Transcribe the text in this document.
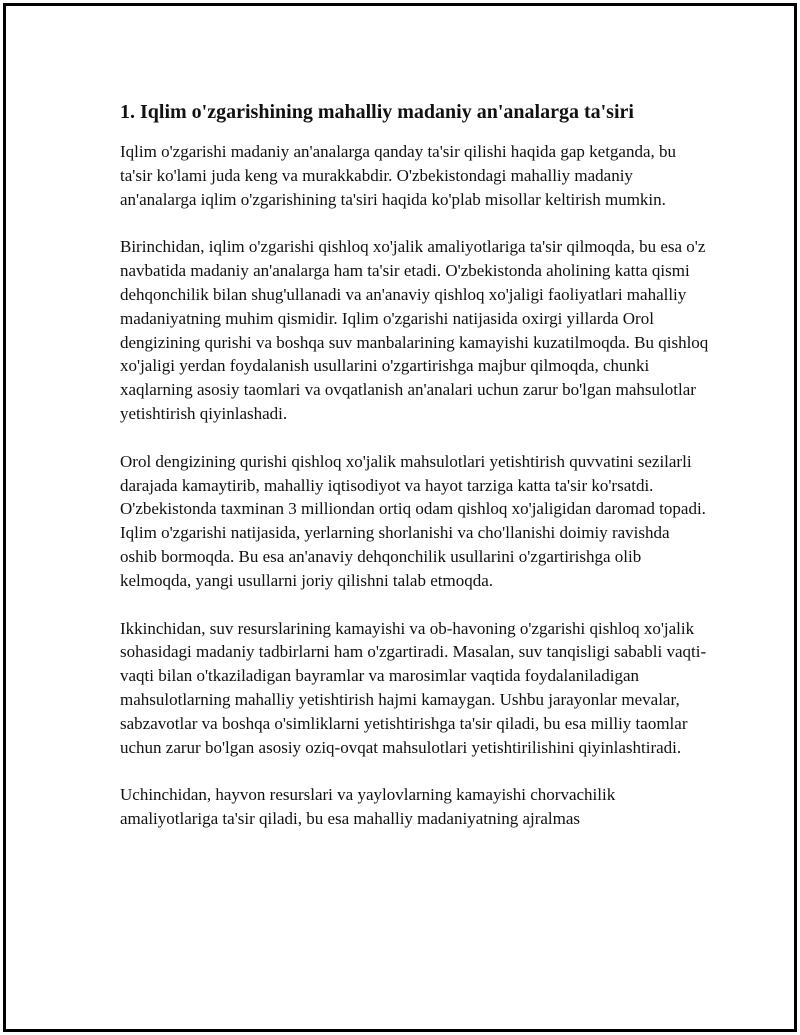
1. Iqlim o'zgarishining mahalliy madaniy an'analarga ta'siri

Iqlim o'zgarishi madaniy an'analarga qanday ta'sir qilishi haqida gap ketganda, bu ta'sir ko'lami juda keng va murakkabdir. O'zbekistondagi mahalliy madaniy an'analarga iqlim o'zgarishining ta'siri haqida ko'plab misollar keltirish mumkin.

Birinchidan, iqlim o'zgarishi qishloq xo'jalik amaliyotlariga ta'sir qilmoqda, bu esa o'z navbatida madaniy an'analarga ham ta'sir etadi. O'zbekistonda aholining katta qismi dehqonchilik bilan shug'ullanadi va an'anaviy qishloq xo'jaligi faoliyatlari mahalliy madaniyatning muhim qismidir. Iqlim o'zgarishi natijasida oxirgi yillarda Orol dengizining qurishi va boshqa suv manbalarining kamayishi kuzatilmoqda. Bu qishloq xo'jaligi yerdan foydalanish usullarini o'zgartirishga majbur qilmoqda, chunki xaqlarning asosiy taomlari va ovqatlanish an'analari uchun zarur bo'lgan mahsulotlar yetishtirish qiyinlashadi.

Orol dengizining qurishi qishloq xo'jalik mahsulotlari yetishtirish quvvatini sezilarli darajada kamaytirib, mahalliy iqtisodiyot va hayot tarziga katta ta'sir ko'rsatdi. O'zbekistonda taxminan 3 milliondan ortiq odam qishloq xo'jaligidan daromad topadi. Iqlim o'zgarishi natijasida, yerlarning shorlanishi va cho'llanishi doimiy ravishda oshib bormoqda. Bu esa an'anaviy dehqonchilik usullarini o'zgartirishga olib kelmoqda, yangi usullarni joriy qilishni talab etmoqda.

Ikkinchidan, suv resurslarining kamayishi va ob-havoning o'zgarishi qishloq xo'jalik sohasidagi madaniy tadbirlarni ham o'zgartiradi. Masalan, suv tanqisligi sababli vaqti-vaqti bilan o'tkaziladigan bayramlar va marosimlar vaqtida foydalaniladigan mahsulotlarning mahalliy yetishtirish hajmi kamaygan. Ushbu jarayonlar mevalar, sabzavotlar va boshqa o'simliklarni yetishtirishga ta'sir qiladi, bu esa milliy taomlar uchun zarur bo'lgan asosiy oziq-ovqat mahsulotlari yetishtirilishini qiyinlashtiradi.

Uchinchidan, hayvon resurslari va yaylovlarning kamayishi chorvachilik amaliyotlariga ta'sir qiladi, bu esa mahalliy madaniyatning ajralmas
